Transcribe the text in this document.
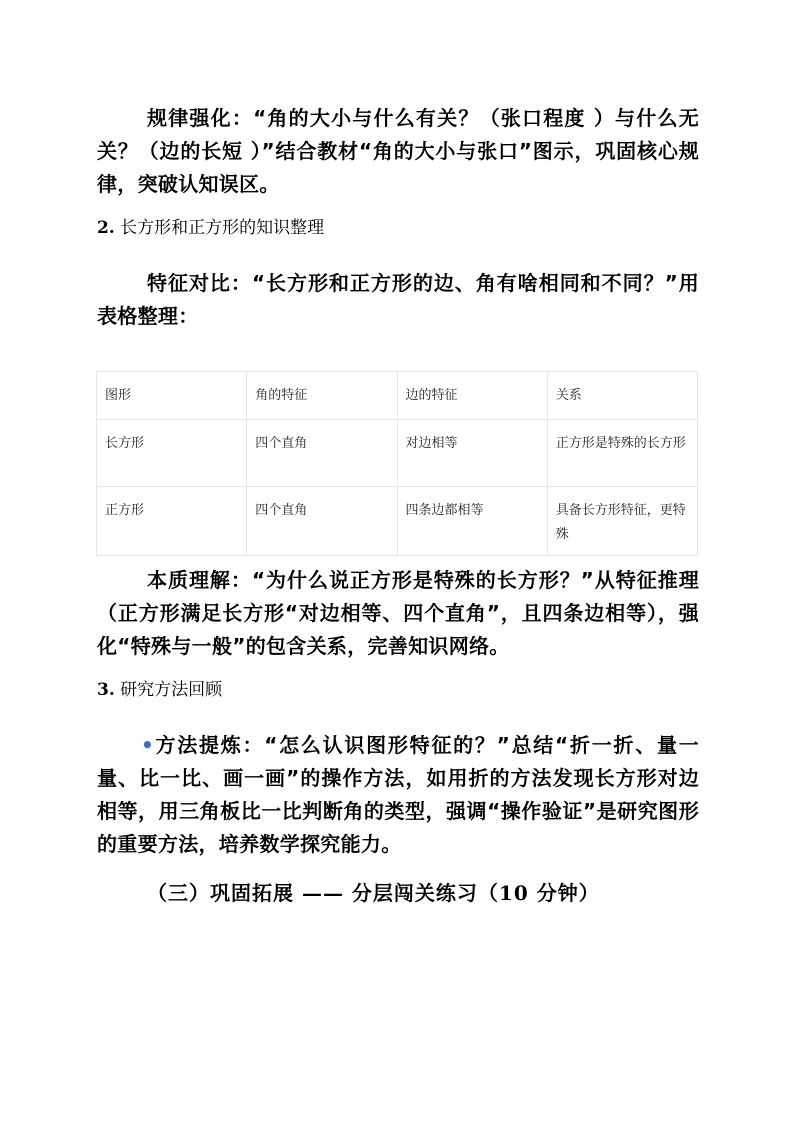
规律强化：“角的大小与什么有关？（张口程度 ）与什么无关？（边的长短 ）”结合教材“角的大小与张口”图示，巩固核心规律，突破认知误区。
2. 长方形和正方形的知识整理
特征对比：“长方形和正方形的边、角有啥相同和不同？”用表格整理：
图形	角的特征	边的特征	关系
长方形	四个直角	对边相等	正方形是特殊的长方形
正方形	四个直角	四条边都相等	具备长方形特征，更特殊
本质理解：“为什么说正方形是特殊的长方形？”从特征推理（正方形满足长方形“对边相等、四个直角”，且四条边相等），强化“特殊与一般”的包含关系，完善知识网络。
3. 研究方法回顾
•方法提炼：“怎么认识图形特征的？”总结“折一折、量一量、比一比、画一画”的操作方法，如用折的方法发现长方形对边相等，用三角板比一比判断角的类型，强调“操作验证”是研究图形的重要方法，培养数学探究能力。
（三）巩固拓展 —— 分层闯关练习（10 分钟）
